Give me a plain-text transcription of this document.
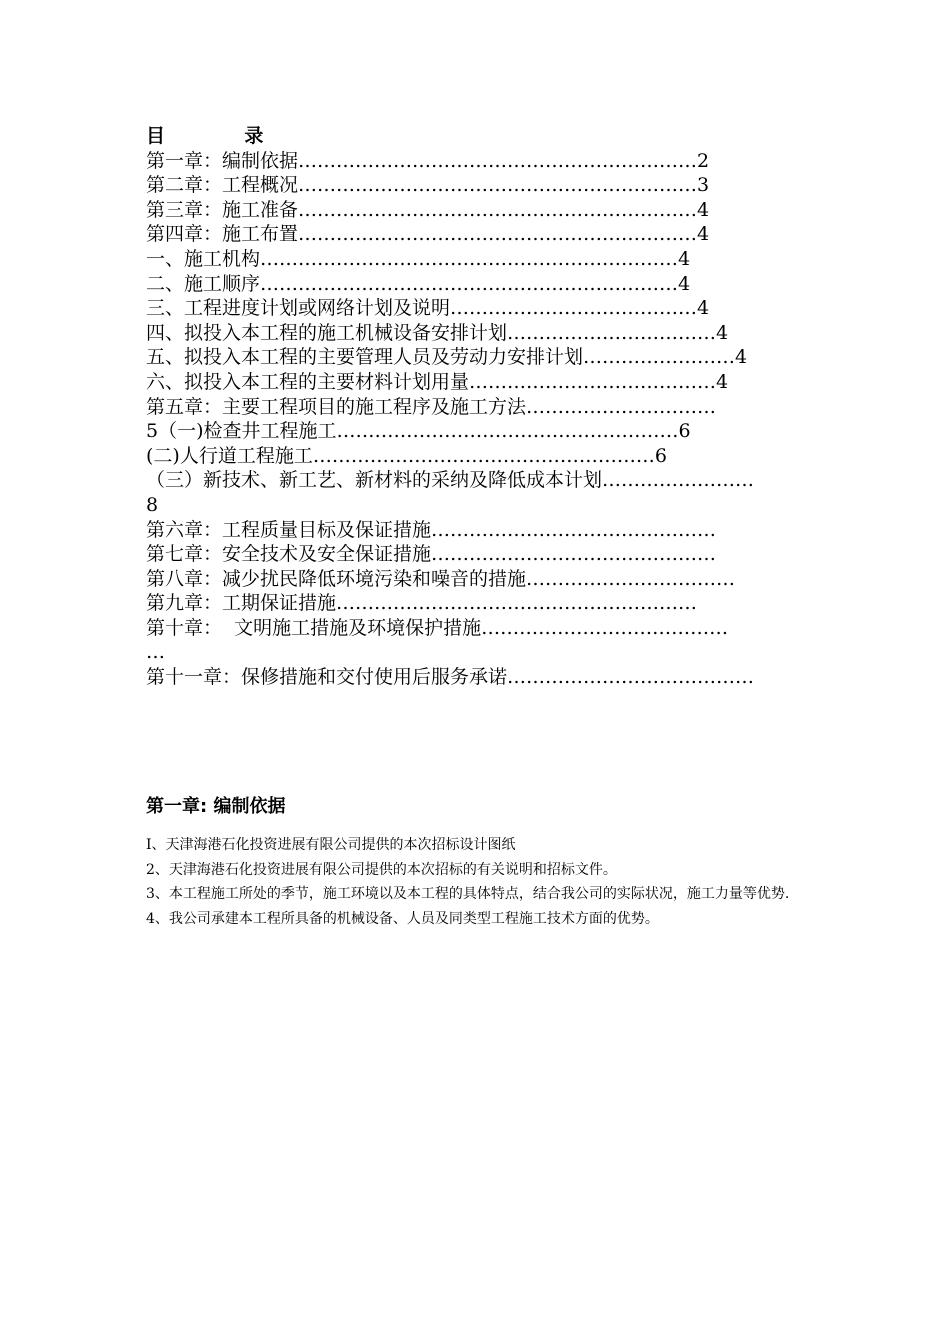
目            录
第一章：编制依据………………………………………………………2
第二章：工程概况………………………………………………………3
第三章：施工准备………………………………………………………4
第四章：施工布置………………………………………………………4
一、施工机构…………………………………………………………4
二、施工顺序…………………………………………………………4
三、工程进度计划或网络计划及说明…………………………………4
四、拟投入本工程的施工机械设备安排计划……………………………4
五、拟投入本工程的主要管理人员及劳动力安排计划……………………4
六、拟投入本工程的主要材料计划用量…………………………………4
第五章：主要工程项目的施工程序及施工方法…………………………
5（一)检查井工程施工………………………………………………6
(二)人行道工程施工………………………………………………6
（三）新技术、新工艺、新材料的采纳及降低成本计划……………………
8
第六章：工程质量目标及保证措施………………………………………
第七章：安全技术及安全保证措施………………………………………
第八章：减少扰民降低环境污染和噪音的措施……………………………
第九章：工期保证措施…………………………………………………
第十章：  文明施工措施及环境保护措施…………………………………
…
第十一章：保修措施和交付使用后服务承诺…………………………………
第一章: 编制依据

I、天津海港石化投资进展有限公司提供的本次招标设计图纸

2、天津海港石化投资进展有限公司提供的本次招标的有关说明和招标文件。

3、本工程施工所处的季节，施工环境以及本工程的具体特点，结合我公司的实际状况，施工力量等优势.

4、我公司承建本工程所具备的机械设备、人员及同类型工程施工技术方面的优势。
